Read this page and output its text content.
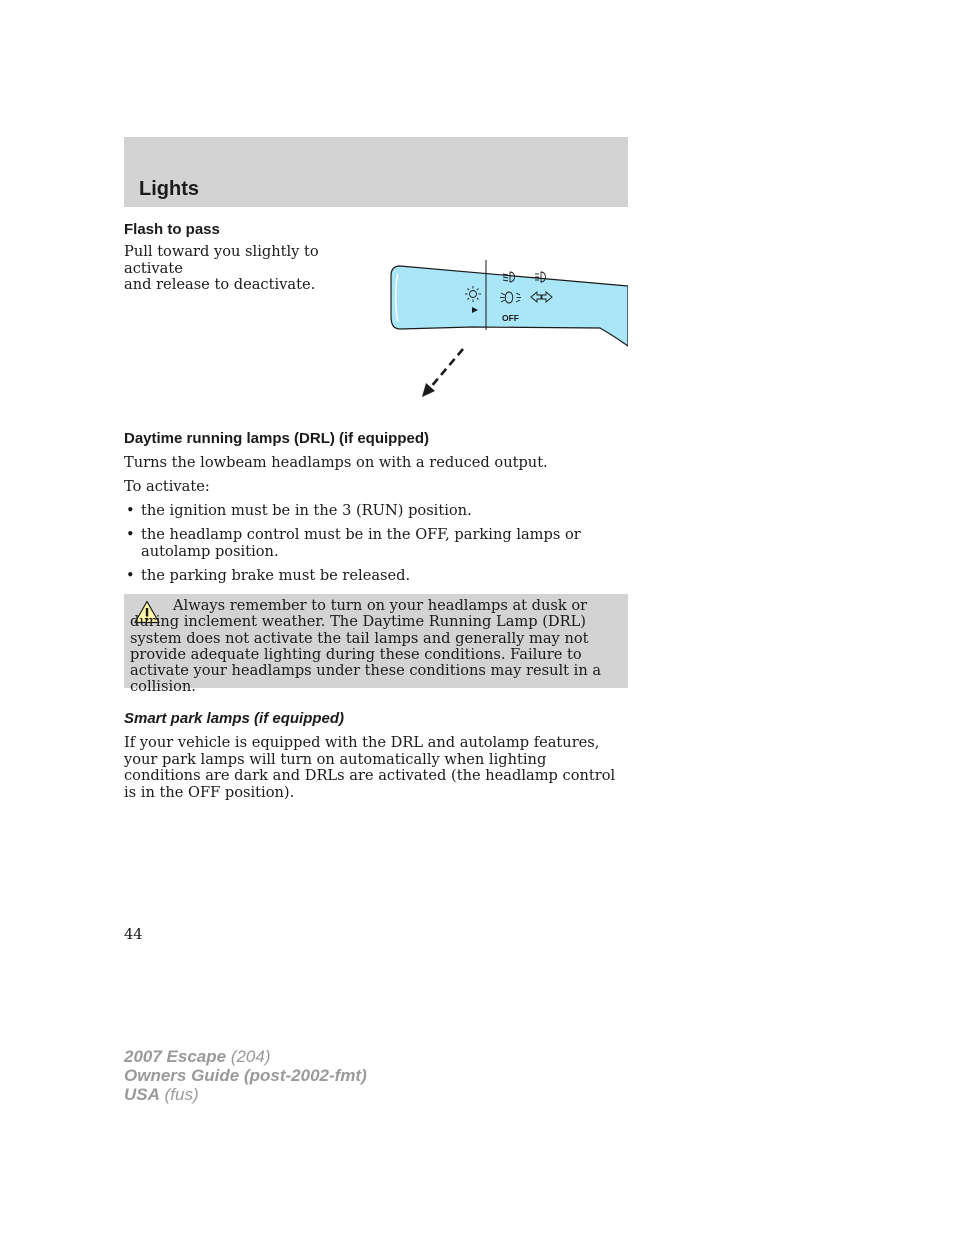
Lights
Flash to pass

Pull toward you slightly to activate
and release to deactivate.

OFF
Daytime running lamps (DRL) (if equipped)

Turns the lowbeam headlamps on with a reduced output.

To activate:

• the ignition must be in the 3 (RUN) position.
• the headlamp control must be in the OFF, parking lamps or autolamp position.
• the parking brake must be released.

Always remember to turn on your headlamps at dusk or during inclement weather. The Daytime Running Lamp (DRL) system does not activate the tail lamps and generally may not provide adequate lighting during these conditions. Failure to activate your headlamps under these conditions may result in a collision.

Smart park lamps (if equipped)

If your vehicle is equipped with the DRL and autolamp features, your park lamps will turn on automatically when lighting conditions are dark and DRLs are activated (the headlamp control is in the OFF position).

44

2007 Escape (204)
Owners Guide (post-2002-fmt)
USA (fus)
